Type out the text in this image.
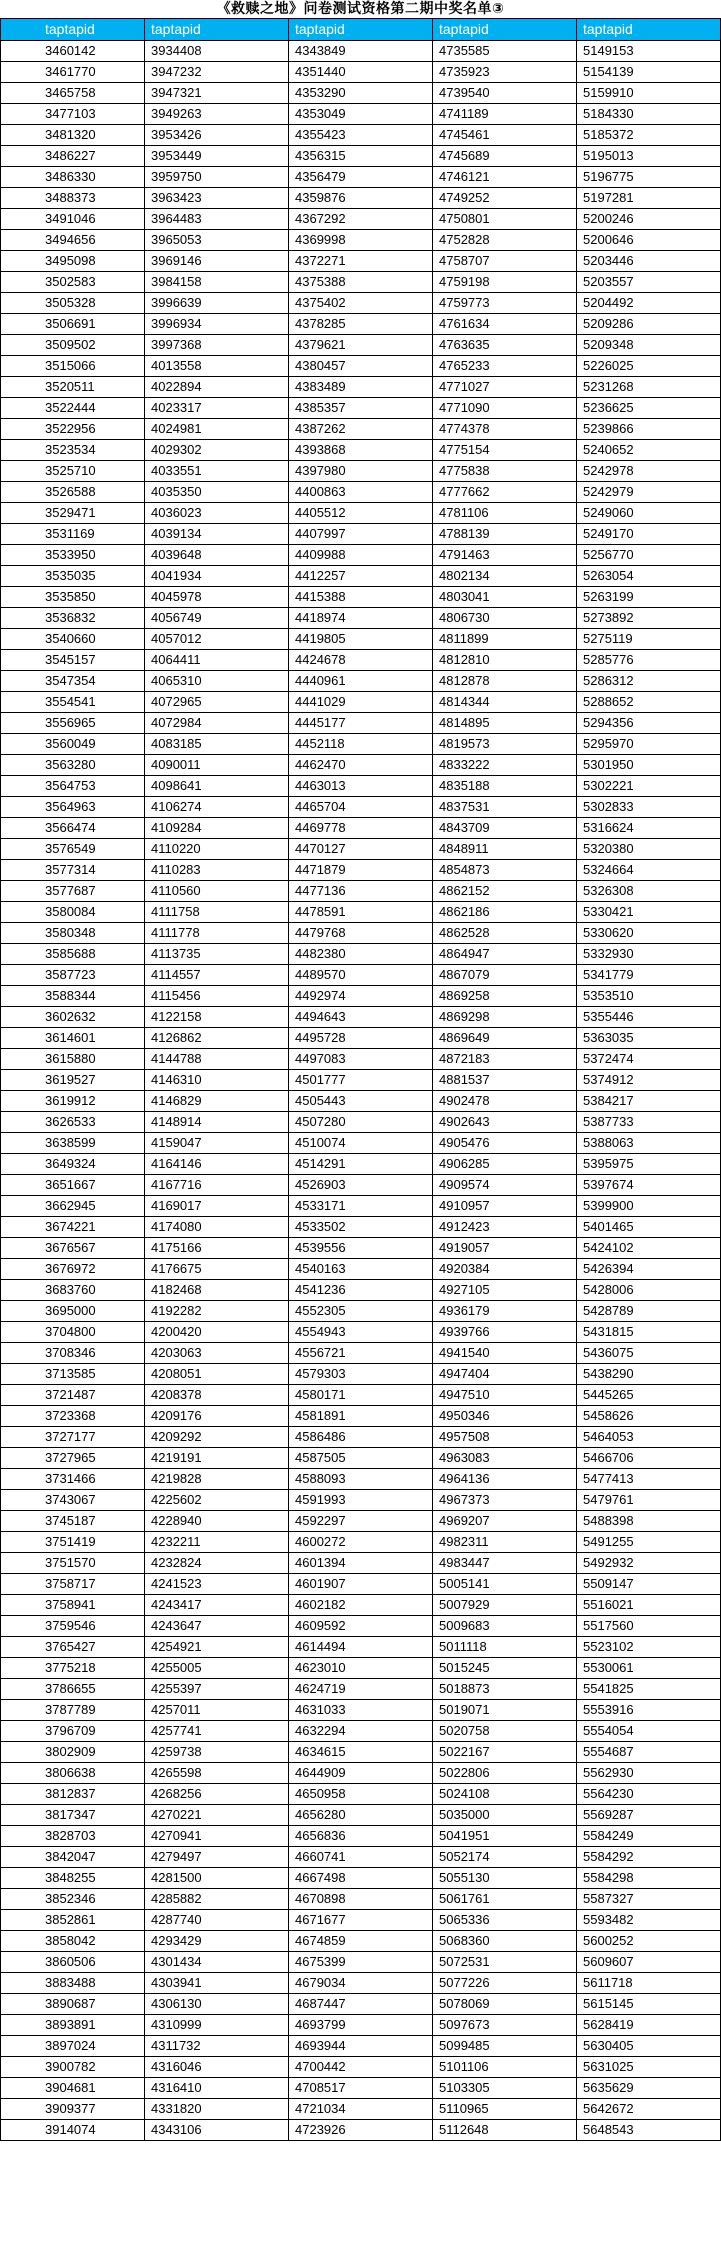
《救赎之地》问卷测试资格第二期中奖名单③
taptapid	taptapid	taptapid	taptapid	taptapid
3460142	3934408	4343849	4735585	5149153
3461770	3947232	4351440	4735923	5154139
3465758	3947321	4353290	4739540	5159910
3477103	3949263	4353049	4741189	5184330
3481320	3953426	4355423	4745461	5185372
3486227	3953449	4356315	4745689	5195013
3486330	3959750	4356479	4746121	5196775
3488373	3963423	4359876	4749252	5197281
3491046	3964483	4367292	4750801	5200246
3494656	3965053	4369998	4752828	5200646
3495098	3969146	4372271	4758707	5203446
3502583	3984158	4375388	4759198	5203557
3505328	3996639	4375402	4759773	5204492
3506691	3996934	4378285	4761634	5209286
3509502	3997368	4379621	4763635	5209348
3515066	4013558	4380457	4765233	5226025
3520511	4022894	4383489	4771027	5231268
3522444	4023317	4385357	4771090	5236625
3522956	4024981	4387262	4774378	5239866
3523534	4029302	4393868	4775154	5240652
3525710	4033551	4397980	4775838	5242978
3526588	4035350	4400863	4777662	5242979
3529471	4036023	4405512	4781106	5249060
3531169	4039134	4407997	4788139	5249170
3533950	4039648	4409988	4791463	5256770
3535035	4041934	4412257	4802134	5263054
3535850	4045978	4415388	4803041	5263199
3536832	4056749	4418974	4806730	5273892
3540660	4057012	4419805	4811899	5275119
3545157	4064411	4424678	4812810	5285776
3547354	4065310	4440961	4812878	5286312
3554541	4072965	4441029	4814344	5288652
3556965	4072984	4445177	4814895	5294356
3560049	4083185	4452118	4819573	5295970
3563280	4090011	4462470	4833222	5301950
3564753	4098641	4463013	4835188	5302221
3564963	4106274	4465704	4837531	5302833
3566474	4109284	4469778	4843709	5316624
3576549	4110220	4470127	4848911	5320380
3577314	4110283	4471879	4854873	5324664
3577687	4110560	4477136	4862152	5326308
3580084	4111758	4478591	4862186	5330421
3580348	4111778	4479768	4862528	5330620
3585688	4113735	4482380	4864947	5332930
3587723	4114557	4489570	4867079	5341779
3588344	4115456	4492974	4869258	5353510
3602632	4122158	4494643	4869298	5355446
3614601	4126862	4495728	4869649	5363035
3615880	4144788	4497083	4872183	5372474
3619527	4146310	4501777	4881537	5374912
3619912	4146829	4505443	4902478	5384217
3626533	4148914	4507280	4902643	5387733
3638599	4159047	4510074	4905476	5388063
3649324	4164146	4514291	4906285	5395975
3651667	4167716	4526903	4909574	5397674
3662945	4169017	4533171	4910957	5399900
3674221	4174080	4533502	4912423	5401465
3676567	4175166	4539556	4919057	5424102
3676972	4176675	4540163	4920384	5426394
3683760	4182468	4541236	4927105	5428006
3695000	4192282	4552305	4936179	5428789
3704800	4200420	4554943	4939766	5431815
3708346	4203063	4556721	4941540	5436075
3713585	4208051	4579303	4947404	5438290
3721487	4208378	4580171	4947510	5445265
3723368	4209176	4581891	4950346	5458626
3727177	4209292	4586486	4957508	5464053
3727965	4219191	4587505	4963083	5466706
3731466	4219828	4588093	4964136	5477413
3743067	4225602	4591993	4967373	5479761
3745187	4228940	4592297	4969207	5488398
3751419	4232211	4600272	4982311	5491255
3751570	4232824	4601394	4983447	5492932
3758717	4241523	4601907	5005141	5509147
3758941	4243417	4602182	5007929	5516021
3759546	4243647	4609592	5009683	5517560
3765427	4254921	4614494	5011118	5523102
3775218	4255005	4623010	5015245	5530061
3786655	4255397	4624719	5018873	5541825
3787789	4257011	4631033	5019071	5553916
3796709	4257741	4632294	5020758	5554054
3802909	4259738	4634615	5022167	5554687
3806638	4265598	4644909	5022806	5562930
3812837	4268256	4650958	5024108	5564230
3817347	4270221	4656280	5035000	5569287
3828703	4270941	4656836	5041951	5584249
3842047	4279497	4660741	5052174	5584292
3848255	4281500	4667498	5055130	5584298
3852346	4285882	4670898	5061761	5587327
3852861	4287740	4671677	5065336	5593482
3858042	4293429	4674859	5068360	5600252
3860506	4301434	4675399	5072531	5609607
3883488	4303941	4679034	5077226	5611718
3890687	4306130	4687447	5078069	5615145
3893891	4310999	4693799	5097673	5628419
3897024	4311732	4693944	5099485	5630405
3900782	4316046	4700442	5101106	5631025
3904681	4316410	4708517	5103305	5635629
3909377	4331820	4721034	5110965	5642672
3914074	4343106	4723926	5112648	5648543
